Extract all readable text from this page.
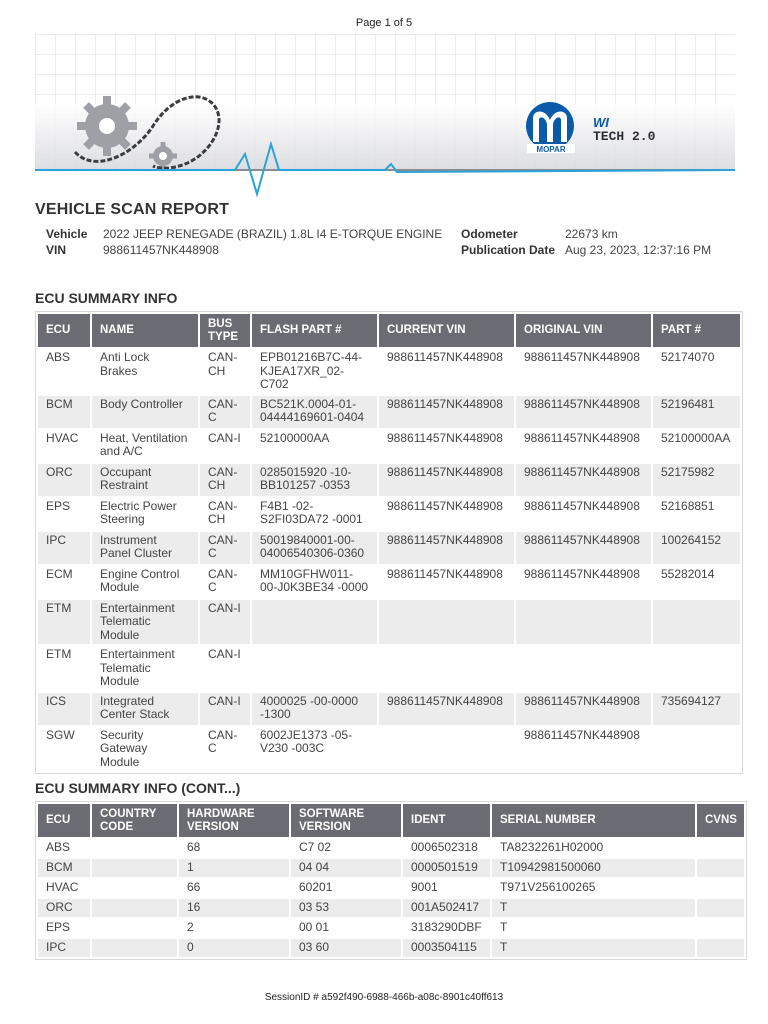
Page 1 of 5
MOPAR
WI
TECH 2.0
VEHICLE SCAN REPORT
Vehicle 2022 JEEP RENEGADE (BRAZIL) 1.8L I4 E-TORQUE ENGINE
VIN	988611457NK448908
Odometer	22673 km
Publication Date Aug 23, 2023, 12:37:16 PM
ECU SUMMARY INFO
ECU	NAME	BUS TYPE	FLASH PART #	CURRENT VIN	ORIGINAL VIN	PART #
ABS	Anti Lock Brakes	CAN-CH	EPB01216B7C-44-KJEA17XR_02-C702	988611457NK448908	988611457NK448908	52174070
BCM	Body Controller	CAN-C	BC521K.0004-01-04444169601-0404	988611457NK448908	988611457NK448908	52196481
HVAC	Heat, Ventilation and A/C	CAN-I	52100000AA	988611457NK448908	988611457NK448908	52100000AA
ORC	Occupant Restraint	CAN-CH	0285015920 -10-BB101257 -0353	988611457NK448908	988611457NK448908	52175982
EPS	Electric Power Steering	CAN-CH	F4B1 -02-S2FI03DA72 -0001	988611457NK448908	988611457NK448908	52168851
IPC	Instrument Panel Cluster	CAN-C	50019840001-00-04006540306-0360	988611457NK448908	988611457NK448908	100264152
ECM	Engine Control Module	CAN-C	MM10GFHW011-00-J0K3BE34 -0000	988611457NK448908	988611457NK448908	55282014
ETM	Entertainment Telematic Module	CAN-I				
ETM	Entertainment Telematic Module	CAN-I				
ICS	Integrated Center Stack	CAN-I	4000025 -00-0000 -1300	988611457NK448908	988611457NK448908	735694127
SGW	Security Gateway Module	CAN-C	6002JE1373 -05-V230 -003C		988611457NK448908	
ECU SUMMARY INFO (CONT...)
ECU	COUNTRY CODE	HARDWARE VERSION	SOFTWARE VERSION	IDENT	SERIAL NUMBER	CVNS
ABS		68	C7 02	0006502318	TA8232261H02000	
BCM		1	04 04	0000501519	T10942981500060	
HVAC		66	60201	9001	T971V256100265	
ORC		16	03 53	001A502417	T	
EPS		2	00 01	3183290DBF	T	
IPC		0	03 60	0003504115	T	
SessionID # a592f490-6988-466b-a08c-8901c40ff613
